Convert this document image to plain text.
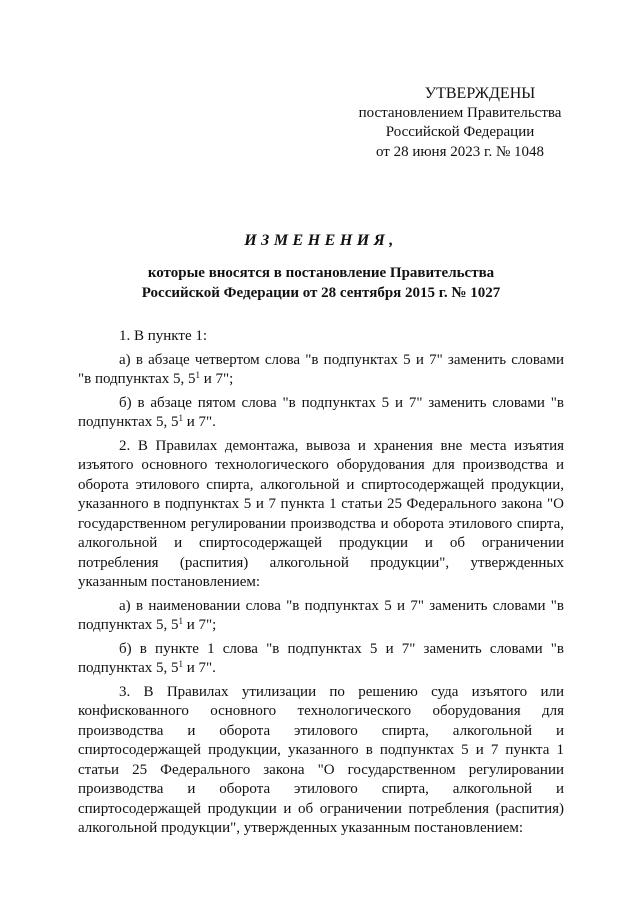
УТВЕРЖДЕНЫ
постановлением Правительства
Российской Федерации
от 28 июня 2023 г. № 1048
ИЗМЕНЕНИЯ,
которые вносятся в постановление Правительства
Российской Федерации от 28 сентября 2015 г. № 1027

1. В пункте 1:

а) в абзаце четвертом слова "в подпунктах 5 и 7" заменить словами "в подпунктах 5, $5^1$ и 7";

б) в абзаце пятом слова "в подпунктах 5 и 7" заменить словами "в подпунктах 5, $5^1$ и 7".

2. В Правилах демонтажа, вывоза и хранения вне места изъятия изъятого основного технологического оборудования для производства и оборота этилового спирта, алкогольной и спиртосодержащей продукции, указанного в подпунктах 5 и 7 пункта 1 статьи 25 Федерального закона "О государственном регулировании производства и оборота этилового спирта, алкогольной и спиртосодержащей продукции и об ограничении потребления (распития) алкогольной продукции", утвержденных указанным постановлением:

а) в наименовании слова "в подпунктах 5 и 7" заменить словами "в подпунктах 5, $5^1$ и 7";

б) в пункте 1 слова "в подпунктах 5 и 7" заменить словами "в подпунктах 5, $5^1$ и 7".

3. В Правилах утилизации по решению суда изъятого или конфискованного основного технологического оборудования для производства и оборота этилового спирта, алкогольной и спиртосодержащей продукции, указанного в подпунктах 5 и 7 пункта 1 статьи 25 Федерального закона "О государственном регулировании производства и оборота этилового спирта, алкогольной и спиртосодержащей продукции и об ограничении потребления (распития) алкогольной продукции", утвержденных указанным постановлением:
